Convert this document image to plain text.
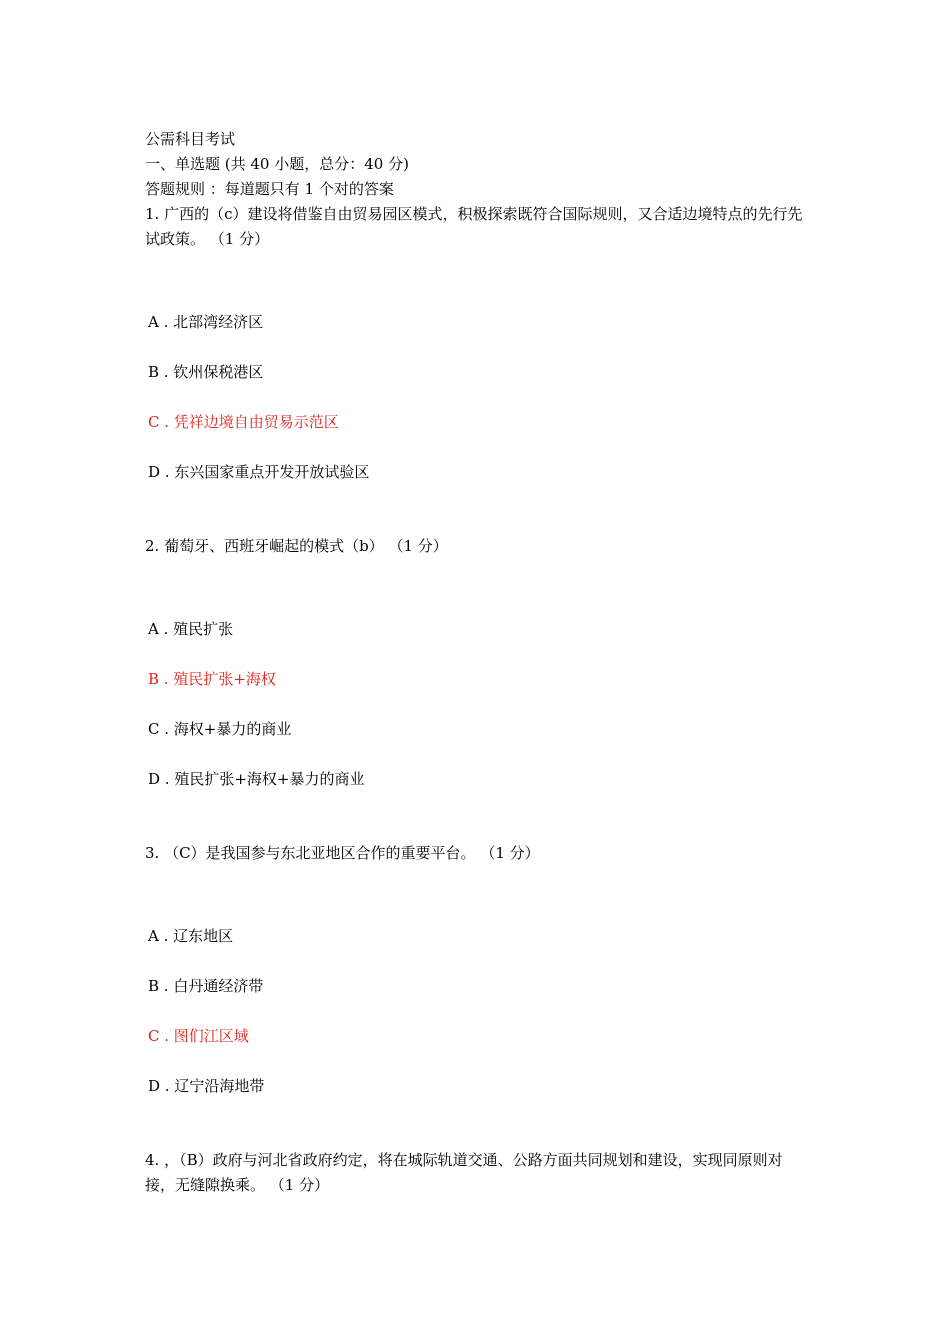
公需科目考试
一、单选题 (共 40 小题，总分：40 分)
答题规则 ：每道题只有 1 个对的答案

1. 广西的（c）建设将借鉴自由贸易园区模式，积极探索既符合国际规则，又合适边境特点的先行先试政策。 （1 分）

A . 北部湾经济区
B . 钦州保税港区
C . 凭祥边境自由贸易示范区
D . 东兴国家重点开发开放试验区

2. 葡萄牙、西班牙崛起的模式（b） （1 分）

A . 殖民扩张
B . 殖民扩张+海权
C . 海权+暴力的商业
D . 殖民扩张+海权+暴力的商业

3. （C）是我国参与东北亚地区合作的重要平台。 （1 分）

A . 辽东地区
B . 白丹通经济带
C . 图们江区域
D . 辽宁沿海地带

4. ，（B）政府与河北省政府约定，将在城际轨道交通、公路方面共同规划和建设，实现同原则对接，无缝隙换乘。 （1 分）
